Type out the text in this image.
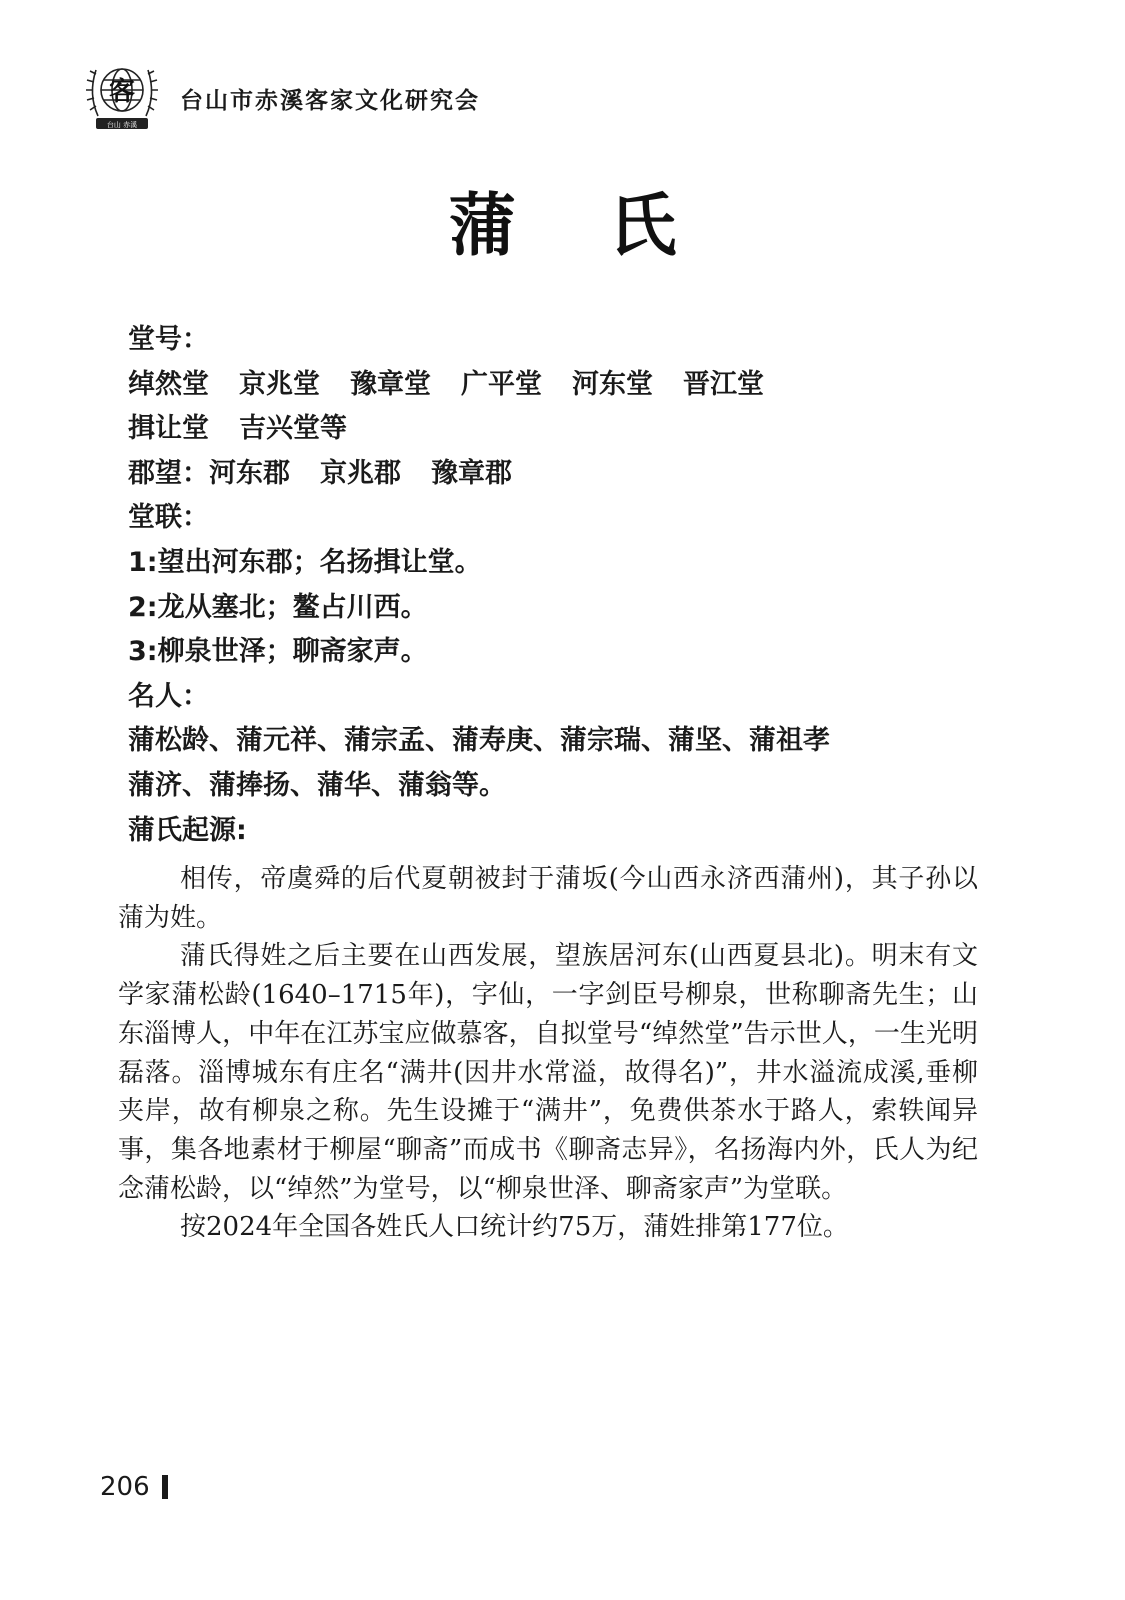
客
台山 赤溪
台山市赤溪客家文化研究会
蒲 氏
堂号：
绰然堂 京兆堂 豫章堂 广平堂 河东堂 晋江堂
揖让堂 吉兴堂等
郡望：河东郡 京兆郡 豫章郡
堂联：
1:望出河东郡；名扬揖让堂。
2:龙从塞北；鳌占川西。
3:柳泉世泽；聊斋家声。
名人：
蒲松龄、蒲元祥、蒲宗孟、蒲寿庚、蒲宗瑞、蒲坚、蒲祖孝
蒲济、蒲捧扬、蒲华、蒲翁等。
蒲氏起源:

相传，帝虞舜的后代夏朝被封于蒲坂(今山西永济西蒲州)，其子孙以蒲为姓。

蒲氏得姓之后主要在山西发展，望族居河东(山西夏县北)。明末有文学家蒲松龄(1640–1715年)，字仙，一字剑臣号柳泉，世称聊斋先生；山东淄博人，中年在江苏宝应做慕客，自拟堂号“绰然堂”告示世人，一生光明磊落。淄博城东有庄名“满井(因井水常溢，故得名)”，井水溢流成溪,垂柳夹岸，故有柳泉之称。先生设摊于“满井”，免费供茶水于路人，索轶闻异事，集各地素材于柳屋“聊斋”而成书《聊斋志异》，名扬海内外，氏人为纪念蒲松龄，以“绰然”为堂号，以“柳泉世泽、聊斋家声”为堂联。

按2024年全国各姓氏人口统计约75万，蒲姓排第177位。

206
